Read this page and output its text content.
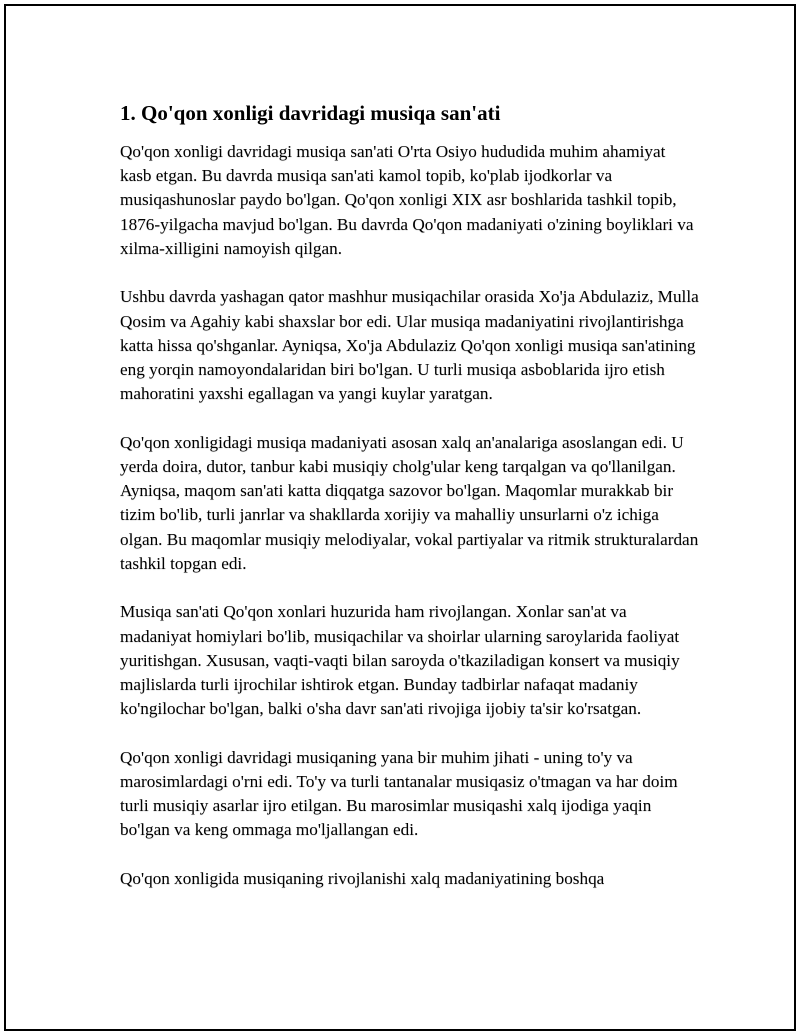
1. Qo'qon xonligi davridagi musiqa san'ati

Qo'qon xonligi davridagi musiqa san'ati O'rta Osiyo hududida muhim ahamiyat kasb etgan. Bu davrda musiqa san'ati kamol topib, ko'plab ijodkorlar va musiqashunoslar paydo bo'lgan. Qo'qon xonligi XIX asr boshlarida tashkil topib, 1876-yilgacha mavjud bo'lgan. Bu davrda Qo'qon madaniyati o'zining boyliklari va xilma-xilligini namoyish qilgan.

Ushbu davrda yashagan qator mashhur musiqachilar orasida Xo'ja Abdulaziz, Mulla Qosim va Agahiy kabi shaxslar bor edi. Ular musiqa madaniyatini rivojlantirishga katta hissa qo'shganlar. Ayniqsa, Xo'ja Abdulaziz Qo'qon xonligi musiqa san'atining eng yorqin namoyondalaridan biri bo'lgan. U turli musiqa asboblarida ijro etish mahoratini yaxshi egallagan va yangi kuylar yaratgan.

Qo'qon xonligidagi musiqa madaniyati asosan xalq an'analariga asoslangan edi. U yerda doira, dutor, tanbur kabi musiqiy cholg'ular keng tarqalgan va qo'llanilgan. Ayniqsa, maqom san'ati katta diqqatga sazovor bo'lgan. Maqomlar murakkab bir tizim bo'lib, turli janrlar va shakllarda xorijiy va mahalliy unsurlarni o'z ichiga olgan. Bu maqomlar musiqiy melodiyalar, vokal partiyalar va ritmik strukturalardan tashkil topgan edi.

Musiqa san'ati Qo'qon xonlari huzurida ham rivojlangan. Xonlar san'at va madaniyat homiylari bo'lib, musiqachilar va shoirlar ularning saroylarida faoliyat yuritishgan. Xususan, vaqti-vaqti bilan saroyda o'tkaziladigan konsert va musiqiy majlislarda turli ijrochilar ishtirok etgan. Bunday tadbirlar nafaqat madaniy ko'ngilochar bo'lgan, balki o'sha davr san'ati rivojiga ijobiy ta'sir ko'rsatgan.

Qo'qon xonligi davridagi musiqaning yana bir muhim jihati - uning to'y va marosimlardagi o'rni edi. To'y va turli tantanalar musiqasiz o'tmagan va har doim turli musiqiy asarlar ijro etilgan. Bu marosimlar musiqashi xalq ijodiga yaqin bo'lgan va keng ommaga mo'ljallangan edi.

Qo'qon xonligida musiqaning rivojlanishi xalq madaniyatining boshqa
